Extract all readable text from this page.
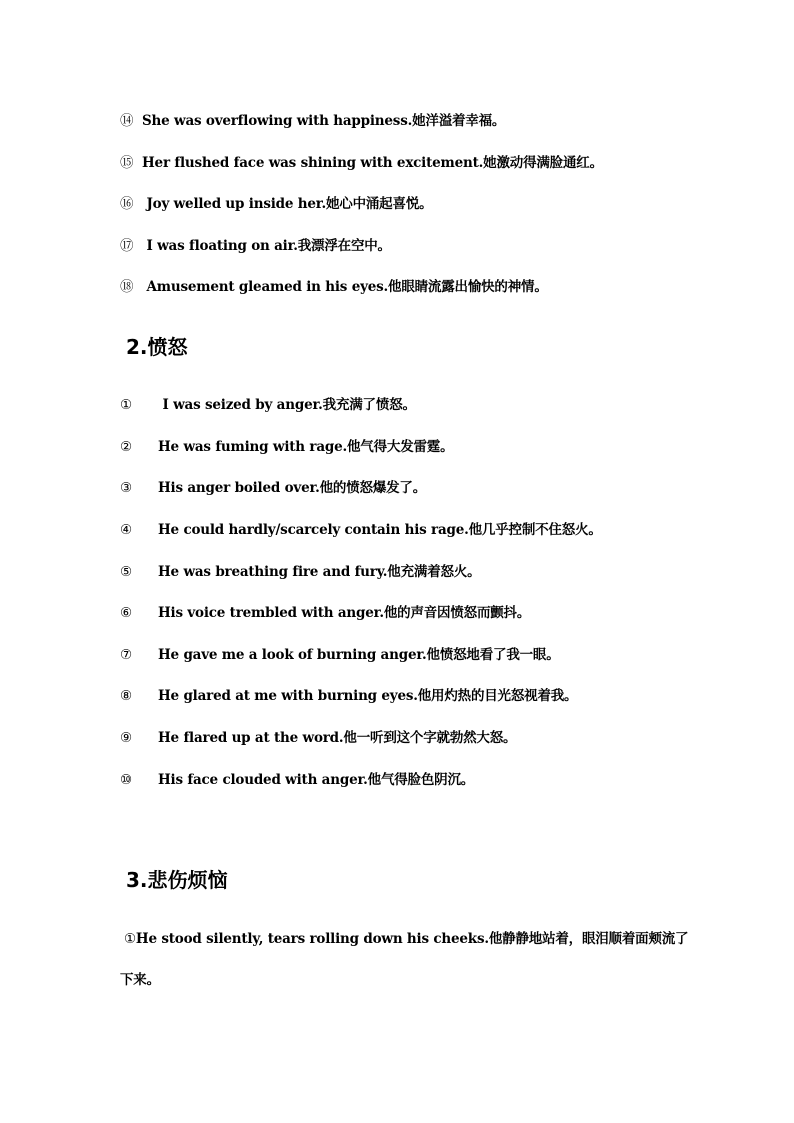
⑭ She was overflowing with happiness.她洋溢着幸福。
⑮ Her flushed face was shining with excitement.她激动得满脸通红。
⑯ Joy welled up inside her.她心中涌起喜悦。
⑰ I was floating on air.我漂浮在空中。
⑱ Amusement gleamed in his eyes.他眼睛流露出愉快的神情。
2.愤怒
① I was seized by anger.我充满了愤怒。
② He was fuming with rage.他气得大发雷霆。
③ His anger boiled over.他的愤怒爆发了。
④ He could hardly/scarcely contain his rage.他几乎控制不住怒火。
⑤ He was breathing fire and fury.他充满着怒火。
⑥ His voice trembled with anger.他的声音因愤怒而颤抖。
⑦ He gave me a look of burning anger.他愤怒地看了我一眼。
⑧ He glared at me with burning eyes.他用灼热的目光怒视着我。
⑨ He flared up at the word.他一听到这个字就勃然大怒。
⑩ His face clouded with anger.他气得脸色阴沉。
3.悲伤烦恼
①He stood silently, tears rolling down his cheeks.他静静地站着，眼泪顺着面颊流了
下来。
